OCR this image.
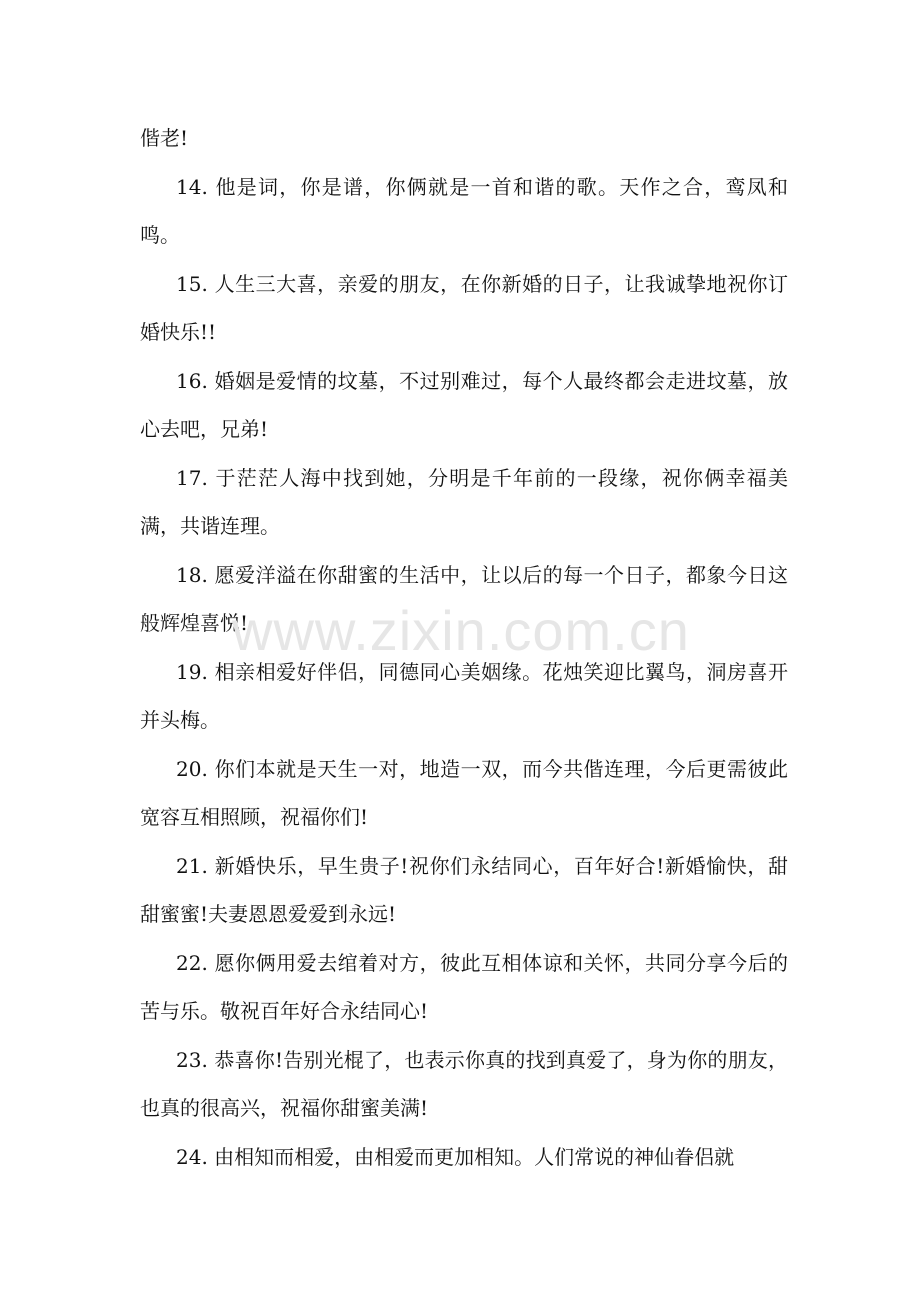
偕老!

14. 他是词，你是谱，你俩就是一首和谐的歌。天作之合，鸾凤和鸣。

15. 人生三大喜，亲爱的朋友，在你新婚的日子，让我诚挚地祝你订婚快乐!!

16. 婚姻是爱情的坟墓，不过别难过，每个人最终都会走进坟墓，放心去吧，兄弟!

17. 于茫茫人海中找到她，分明是千年前的一段缘，祝你俩幸福美满，共谐连理。

18. 愿爱洋溢在你甜蜜的生活中，让以后的每一个日子，都象今日这般辉煌喜悦!

19. 相亲相爱好伴侣，同德同心美姻缘。花烛笑迎比翼鸟，洞房喜开并头梅。

20. 你们本就是天生一对，地造一双，而今共偕连理，今后更需彼此宽容互相照顾，祝福你们!

21. 新婚快乐，早生贵子!祝你们永结同心，百年好合!新婚愉快，甜甜蜜蜜!夫妻恩恩爱爱到永远!

22. 愿你俩用爱去绾着对方，彼此互相体谅和关怀，共同分享今后的苦与乐。敬祝百年好合永结同心!

23. 恭喜你!告别光棍了，也表示你真的找到真爱了，身为你的朋友，也真的很高兴，祝福你甜蜜美满!

24. 由相知而相爱，由相爱而更加相知。人们常说的神仙眷侣就

www.zixin.com.cn
